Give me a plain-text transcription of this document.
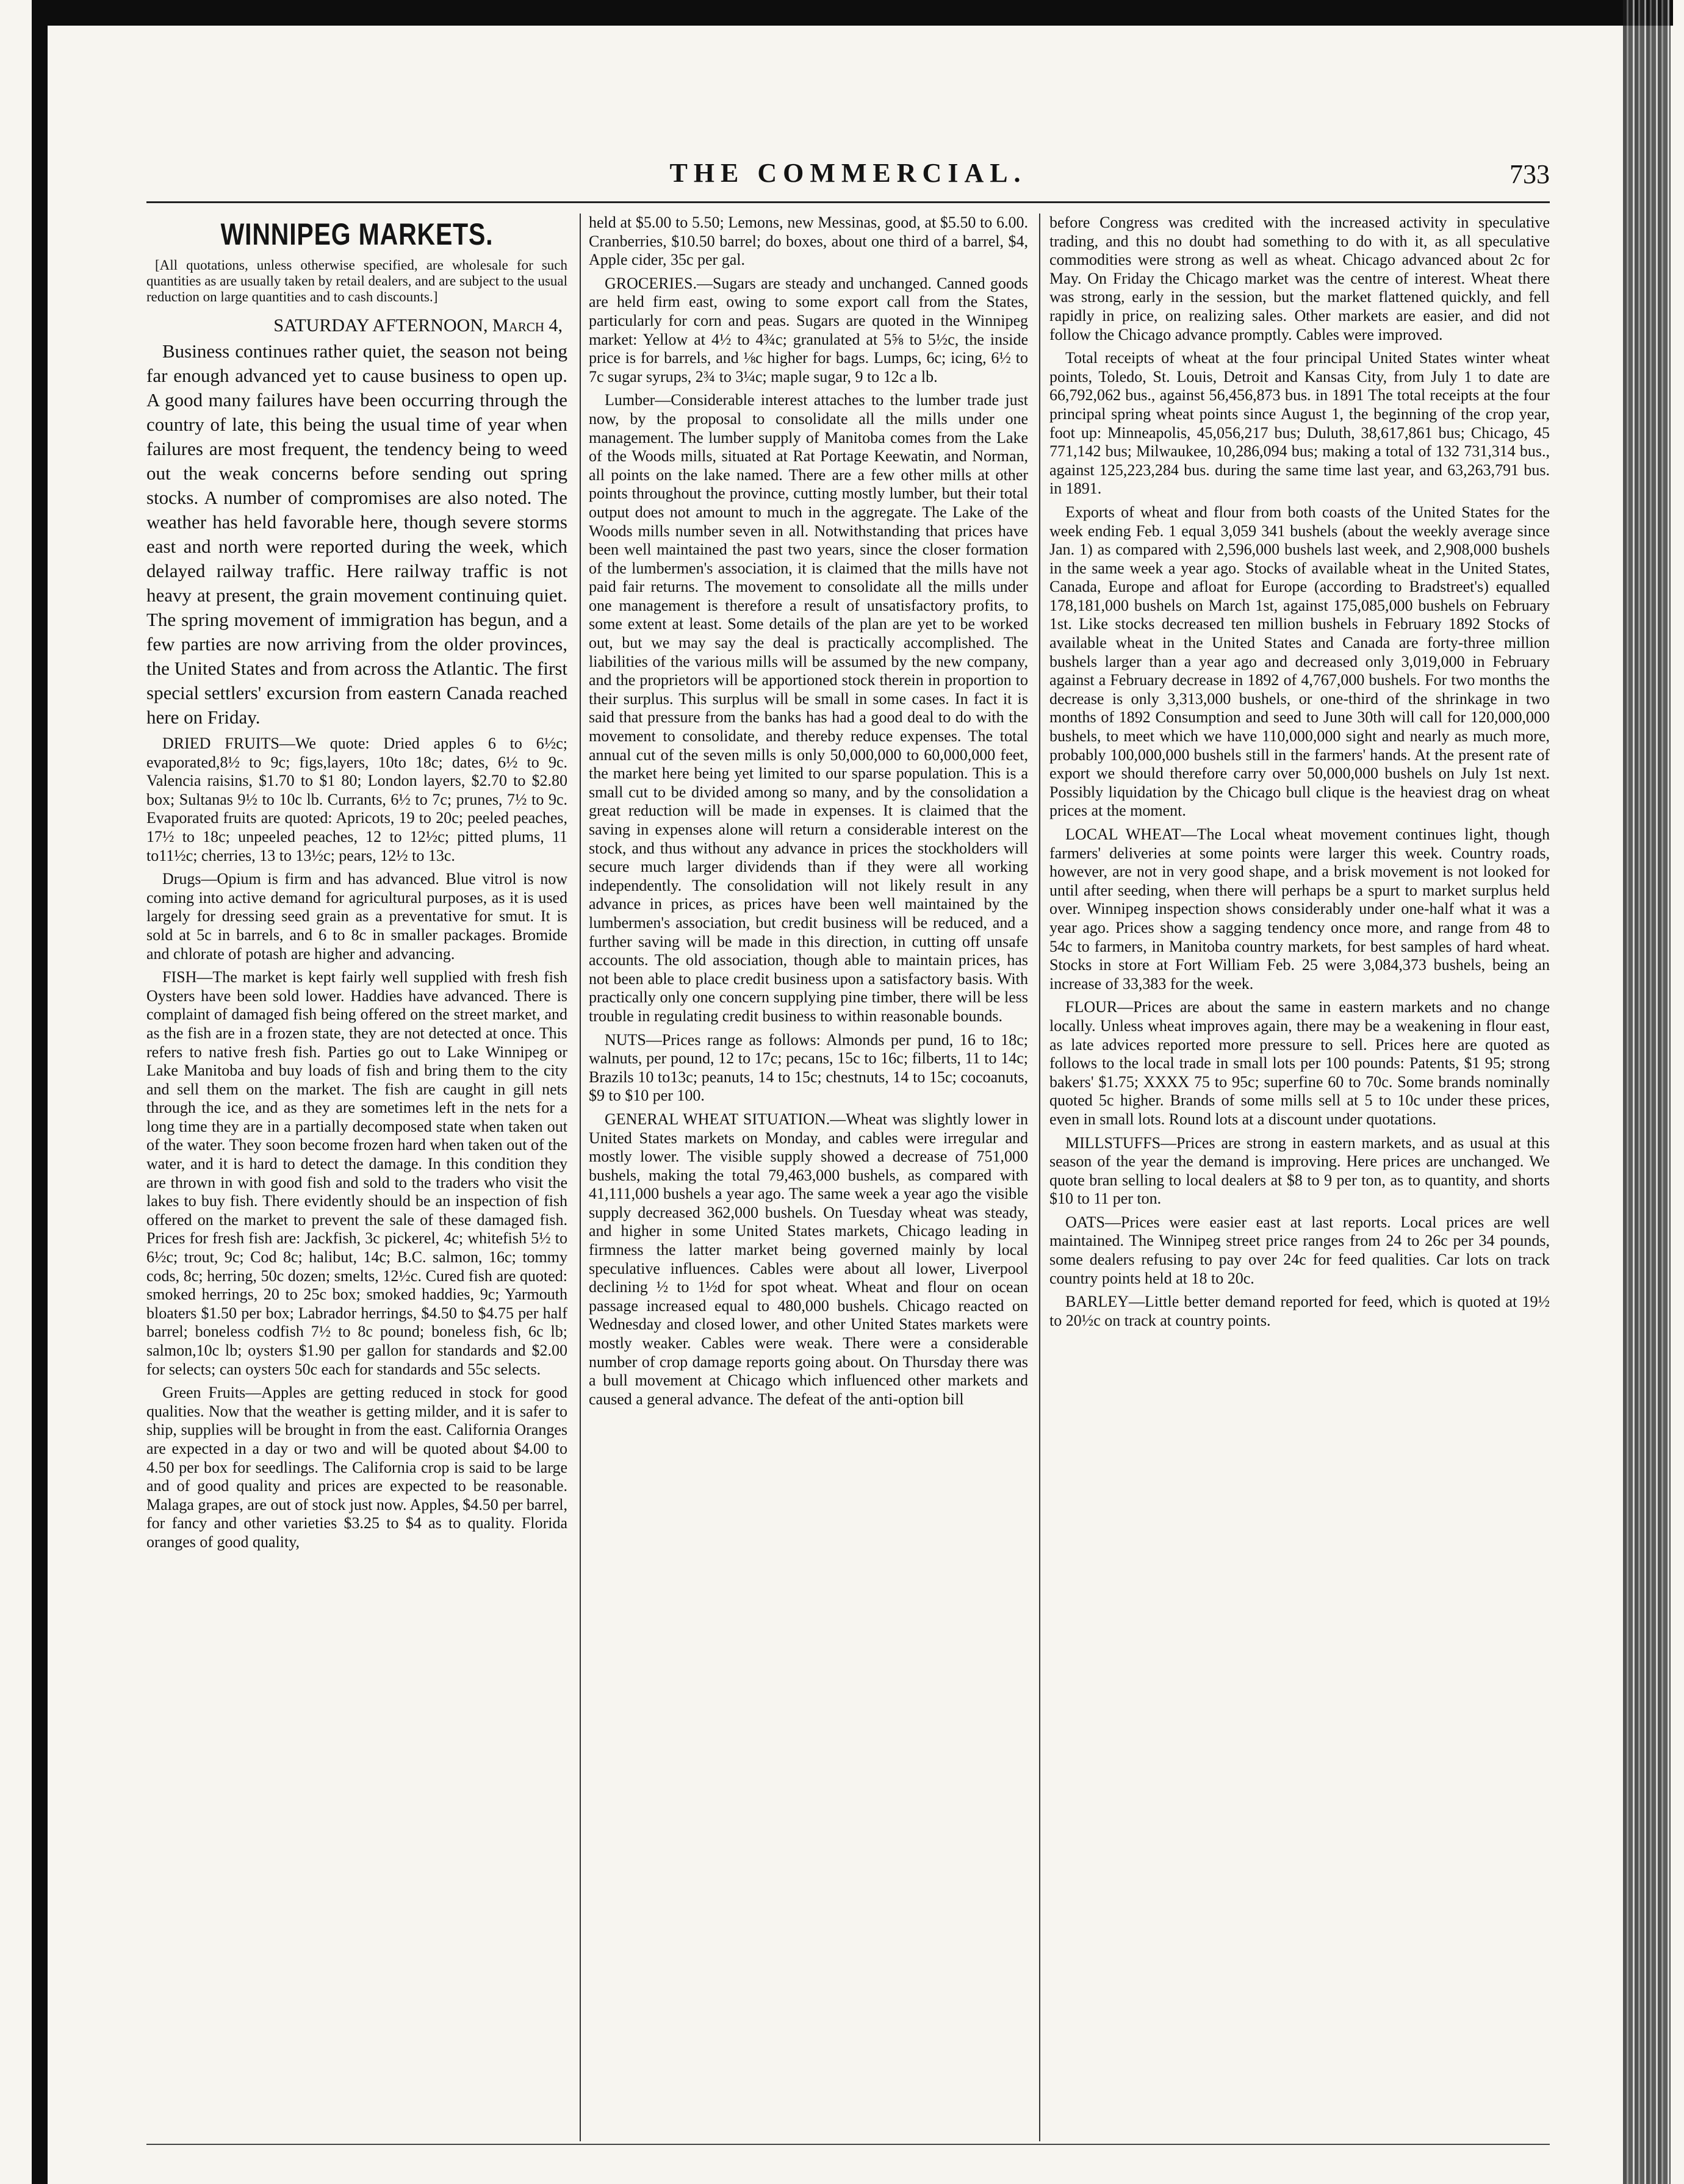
THE COMMERCIAL.	733
WINNIPEG MARKETS.
[All quotations, unless otherwise specified, are wholesale for such quantities as are usually taken by retail dealers, and are subject to the usual reduction on large quantities and to cash discounts.]
SATURDAY AFTERNOON, March 4,

Business continues rather quiet, the season not being far enough advanced yet to cause business to open up. A good many failures have been occurring through the country of late, this being the usual time of year when failures are most frequent, the tendency being to weed out the weak concerns before sending out spring stocks. A number of compromises are also noted. The weather has held favorable here, though severe storms east and north were reported during the week, which delayed railway traffic. Here railway traffic is not heavy at present, the grain movement continuing quiet. The spring movement of immigration has begun, and a few parties are now arriving from the older provinces, the United States and from across the Atlantic. The first special settlers' excursion from eastern Canada reached here on Friday.

DRIED FRUITS—We quote: Dried apples 6 to 6½c; evaporated,8½ to 9c; figs,layers, 10to 18c; dates, 6½ to 9c. Valencia raisins, $1.70 to $1 80; London layers, $2.70 to $2.80 box; Sultanas 9½ to 10c lb. Currants, 6½ to 7c; prunes, 7½ to 9c. Evaporated fruits are quoted: Apricots, 19 to 20c; peeled peaches, 17½ to 18c; unpeeled peaches, 12 to 12½c; pitted plums, 11 to11½c; cherries, 13 to 13½c; pears, 12½ to 13c.

Drugs—Opium is firm and has advanced. Blue vitrol is now coming into active demand for agricultural purposes, as it is used largely for dressing seed grain as a preventative for smut. It is sold at 5c in barrels, and 6 to 8c in smaller packages. Bromide and chlorate of potash are higher and advancing.

FISH—The market is kept fairly well supplied with fresh fish Oysters have been sold lower. Haddies have advanced. There is complaint of damaged fish being offered on the street market, and as the fish are in a frozen state, they are not detected at once. This refers to native fresh fish. Parties go out to Lake Winnipeg or Lake Manitoba and buy loads of fish and bring them to the city and sell them on the market. The fish are caught in gill nets through the ice, and as they are sometimes left in the nets for a long time they are in a partially decomposed state when taken out of the water. They soon become frozen hard when taken out of the water, and it is hard to detect the damage. In this condition they are thrown in with good fish and sold to the traders who visit the lakes to buy fish. There evidently should be an inspection of fish offered on the market to prevent the sale of these damaged fish. Prices for fresh fish are: Jackfish, 3c pickerel, 4c; whitefish 5½ to 6½c; trout, 9c; Cod 8c; halibut, 14c; B.C. salmon, 16c; tommy cods, 8c; herring, 50c dozen; smelts, 12½c. Cured fish are quoted: smoked herrings, 20 to 25c box; smoked haddies, 9c; Yarmouth bloaters $1.50 per box; Labrador herrings, $4.50 to $4.75 per half barrel; boneless codfish 7½ to 8c pound; boneless fish, 6c lb; salmon,10c lb; oysters $1.90 per gallon for standards and $2.00 for selects; can oysters 50c each for standards and 55c selects.

Green Fruits—Apples are getting reduced in stock for good qualities. Now that the weather is getting milder, and it is safer to ship, supplies will be brought in from the east. California Oranges are expected in a day or two and will be quoted about $4.00 to 4.50 per box for seedlings. The California crop is said to be large and of good quality and prices are expected to be reasonable. Malaga grapes, are out of stock just now. Apples, $4.50 per barrel, for fancy and other varieties $3.25 to $4 as to quality. Florida oranges of good quality,

held at $5.00 to 5.50; Lemons, new Messinas, good, at $5.50 to 6.00. Cranberries, $10.50 barrel; do boxes, about one third of a barrel, $4, Apple cider, 35c per gal.

GROCERIES.—Sugars are steady and unchanged. Canned goods are held firm east, owing to some export call from the States, particularly for corn and peas. Sugars are quoted in the Winnipeg market: Yellow at 4½ to 4¾c; granulated at 5⅝ to 5½c, the inside price is for barrels, and ⅛c higher for bags. Lumps, 6c; icing, 6½ to 7c sugar syrups, 2¾ to 3¼c; maple sugar, 9 to 12c a lb.

Lumber—Considerable interest attaches to the lumber trade just now, by the proposal to consolidate all the mills under one management. The lumber supply of Manitoba comes from the Lake of the Woods mills, situated at Rat Portage Keewatin, and Norman, all points on the lake named. There are a few other mills at other points throughout the province, cutting mostly lumber, but their total output does not amount to much in the aggregate. The Lake of the Woods mills number seven in all. Notwithstanding that prices have been well maintained the past two years, since the closer formation of the lumbermen's association, it is claimed that the mills have not paid fair returns. The movement to consolidate all the mills under one management is therefore a result of unsatisfactory profits, to some extent at least. Some details of the plan are yet to be worked out, but we may say the deal is practically accomplished. The liabilities of the various mills will be assumed by the new company, and the proprietors will be apportioned stock therein in proportion to their surplus. This surplus will be small in some cases. In fact it is said that pressure from the banks has had a good deal to do with the movement to consolidate, and thereby reduce expenses. The total annual cut of the seven mills is only 50,000,000 to 60,000,000 feet, the market here being yet limited to our sparse population. This is a small cut to be divided among so many, and by the consolidation a great reduction will be made in expenses. It is claimed that the saving in expenses alone will return a considerable interest on the stock, and thus without any advance in prices the stockholders will secure much larger dividends than if they were all working independently. The consolidation will not likely result in any advance in prices, as prices have been well maintained by the lumbermen's association, but credit business will be reduced, and a further saving will be made in this direction, in cutting off unsafe accounts. The old association, though able to maintain prices, has not been able to place credit business upon a satisfactory basis. With practically only one concern supplying pine timber, there will be less trouble in regulating credit business to within reasonable bounds.

NUTS—Prices range as follows: Almonds per pund, 16 to 18c; walnuts, per pound, 12 to 17c; pecans, 15c to 16c; filberts, 11 to 14c; Brazils 10 to13c; peanuts, 14 to 15c; chestnuts, 14 to 15c; cocoanuts, $9 to $10 per 100.

GENERAL WHEAT SITUATION.—Wheat was slightly lower in United States markets on Monday, and cables were irregular and mostly lower. The visible supply showed a decrease of 751,000 bushels, making the total 79,463,000 bushels, as compared with 41,111,000 bushels a year ago. The same week a year ago the visible supply decreased 362,000 bushels. On Tuesday wheat was steady, and higher in some United States markets, Chicago leading in firmness the latter market being governed mainly by local speculative influences. Cables were about all lower, Liverpool declining ½ to 1½d for spot wheat. Wheat and flour on ocean passage increased equal to 480,000 bushels. Chicago reacted on Wednesday and closed lower, and other United States markets were mostly weaker. Cables were weak. There were a considerable number of crop damage reports going about. On Thursday there was a bull movement at Chicago which influenced other markets and caused a general advance. The defeat of the anti-option bill

before Congress was credited with the increased activity in speculative trading, and this no doubt had something to do with it, as all speculative commodities were strong as well as wheat. Chicago advanced about 2c for May. On Friday the Chicago market was the centre of interest. Wheat there was strong, early in the session, but the market flattened quickly, and fell rapidly in price, on realizing sales. Other markets are easier, and did not follow the Chicago advance promptly. Cables were improved.

Total receipts of wheat at the four principal United States winter wheat points, Toledo, St. Louis, Detroit and Kansas City, from July 1 to date are 66,792,062 bus., against 56,456,873 bus. in 1891 The total receipts at the four principal spring wheat points since August 1, the beginning of the crop year, foot up: Minneapolis, 45,056,217 bus; Duluth, 38,617,861 bus; Chicago, 45 771,142 bus; Milwaukee, 10,286,094 bus; making a total of 132 731,314 bus., against 125,223,284 bus. during the same time last year, and 63,263,791 bus. in 1891.

Exports of wheat and flour from both coasts of the United States for the week ending Feb. 1 equal 3,059 341 bushels (about the weekly average since Jan. 1) as compared with 2,596,000 bushels last week, and 2,908,000 bushels in the same week a year ago. Stocks of available wheat in the United States, Canada, Europe and afloat for Europe (according to Bradstreet's) equalled 178,181,000 bushels on March 1st, against 175,085,000 bushels on February 1st. Like stocks decreased ten million bushels in February 1892 Stocks of available wheat in the United States and Canada are forty-three million bushels larger than a year ago and decreased only 3,019,000 in February against a February decrease in 1892 of 4,767,000 bushels. For two months the decrease is only 3,313,000 bushels, or one-third of the shrinkage in two months of 1892 Consumption and seed to June 30th will call for 120,000,000 bushels, to meet which we have 110,000,000 sight and nearly as much more, probably 100,000,000 bushels still in the farmers' hands. At the present rate of export we should therefore carry over 50,000,000 bushels on July 1st next. Possibly liquidation by the Chicago bull clique is the heaviest drag on wheat prices at the moment.

LOCAL WHEAT—The Local wheat movement continues light, though farmers' deliveries at some points were larger this week. Country roads, however, are not in very good shape, and a brisk movement is not looked for until after seeding, when there will perhaps be a spurt to market surplus held over. Winnipeg inspection shows considerably under one-half what it was a year ago. Prices show a sagging tendency once more, and range from 48 to 54c to farmers, in Manitoba country markets, for best samples of hard wheat. Stocks in store at Fort William Feb. 25 were 3,084,373 bushels, being an increase of 33,383 for the week.

FLOUR—Prices are about the same in eastern markets and no change locally. Unless wheat improves again, there may be a weakening in flour east, as late advices reported more pressure to sell. Prices here are quoted as follows to the local trade in small lots per 100 pounds: Patents, $1 95; strong bakers' $1.75; XXXX 75 to 95c; superfine 60 to 70c. Some brands nominally quoted 5c higher. Brands of some mills sell at 5 to 10c under these prices, even in small lots. Round lots at a discount under quotations.

MILLSTUFFS—Prices are strong in eastern markets, and as usual at this season of the year the demand is improving. Here prices are unchanged. We quote bran selling to local dealers at $8 to 9 per ton, as to quantity, and shorts $10 to 11 per ton.

OATS—Prices were easier east at last reports. Local prices are well maintained. The Winnipeg street price ranges from 24 to 26c per 34 pounds, some dealers refusing to pay over 24c for feed qualities. Car lots on track country points held at 18 to 20c.

BARLEY—Little better demand reported for feed, which is quoted at 19½ to 20½c on track at country points.
